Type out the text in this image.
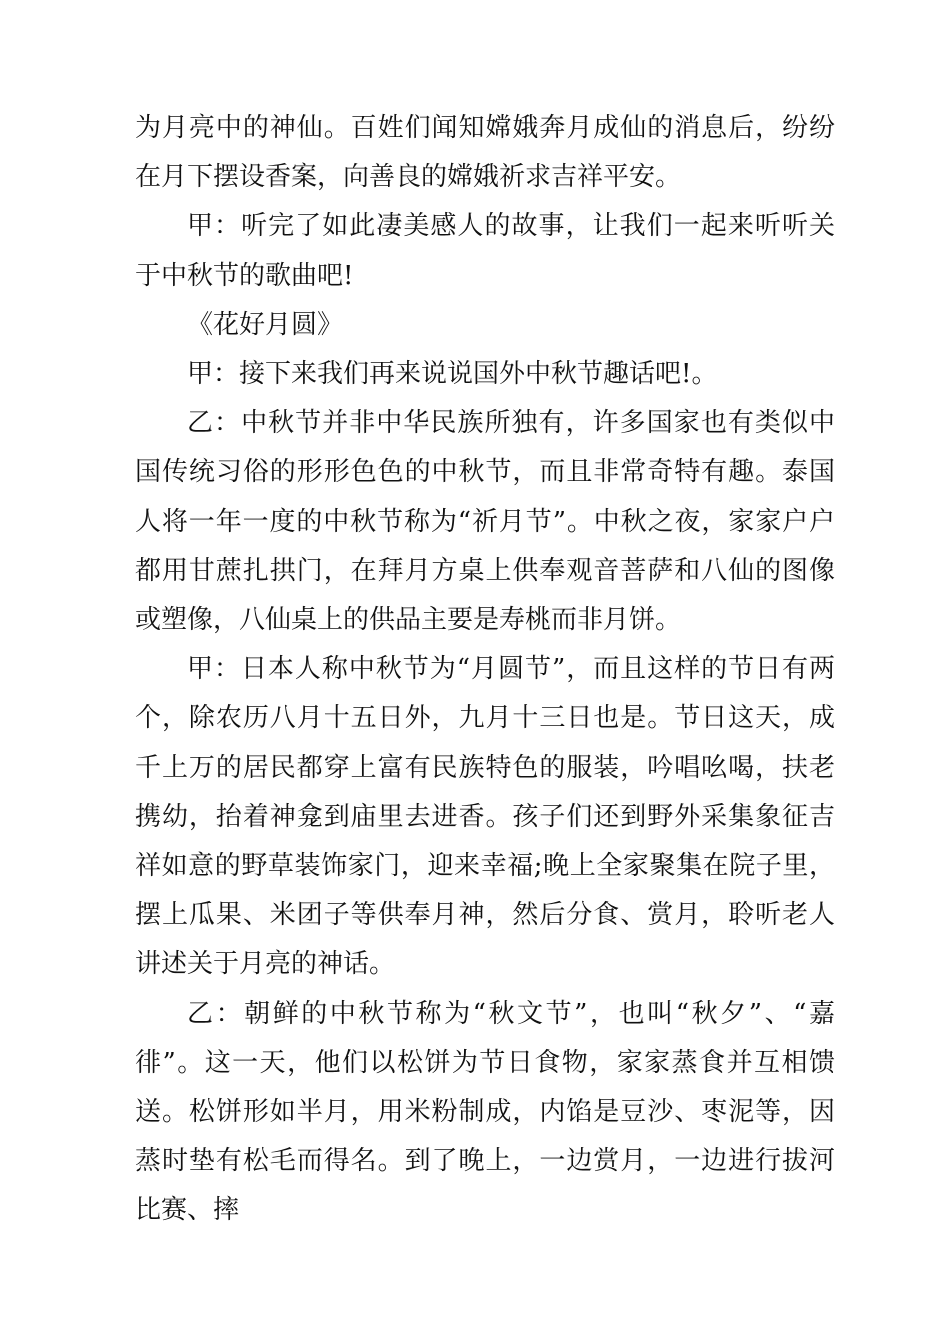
为月亮中的神仙。百姓们闻知嫦娥奔月成仙的消息后，纷纷在月下摆设香案，向善良的嫦娥祈求吉祥平安。

甲：听完了如此凄美感人的故事，让我们一起来听听关于中秋节的歌曲吧!

《花好月圆》

甲：接下来我们再来说说国外中秋节趣话吧!。

乙：中秋节并非中华民族所独有，许多国家也有类似中国传统习俗的形形色色的中秋节，而且非常奇特有趣。泰国人将一年一度的中秋节称为“祈月节”。中秋之夜，家家户户都用甘蔗扎拱门，在拜月方桌上供奉观音菩萨和八仙的图像或塑像，八仙桌上的供品主要是寿桃而非月饼。

甲：日本人称中秋节为“月圆节”，而且这样的节日有两个，除农历八月十五日外，九月十三日也是。节日这天，成千上万的居民都穿上富有民族特色的服装，吟唱吆喝，扶老携幼，抬着神龛到庙里去进香。孩子们还到野外采集象征吉祥如意的野草装饰家门，迎来幸福;晚上全家聚集在院子里，摆上瓜果、米团子等供奉月神，然后分食、赏月，聆听老人讲述关于月亮的神话。

乙：朝鲜的中秋节称为“秋文节”，也叫“秋夕”、“嘉徘”。这一天，他们以松饼为节日食物，家家蒸食并互相馈送。松饼形如半月，用米粉制成，内馅是豆沙、枣泥等，因蒸时垫有松毛而得名。到了晚上，一边赏月，一边进行拔河比赛、摔
